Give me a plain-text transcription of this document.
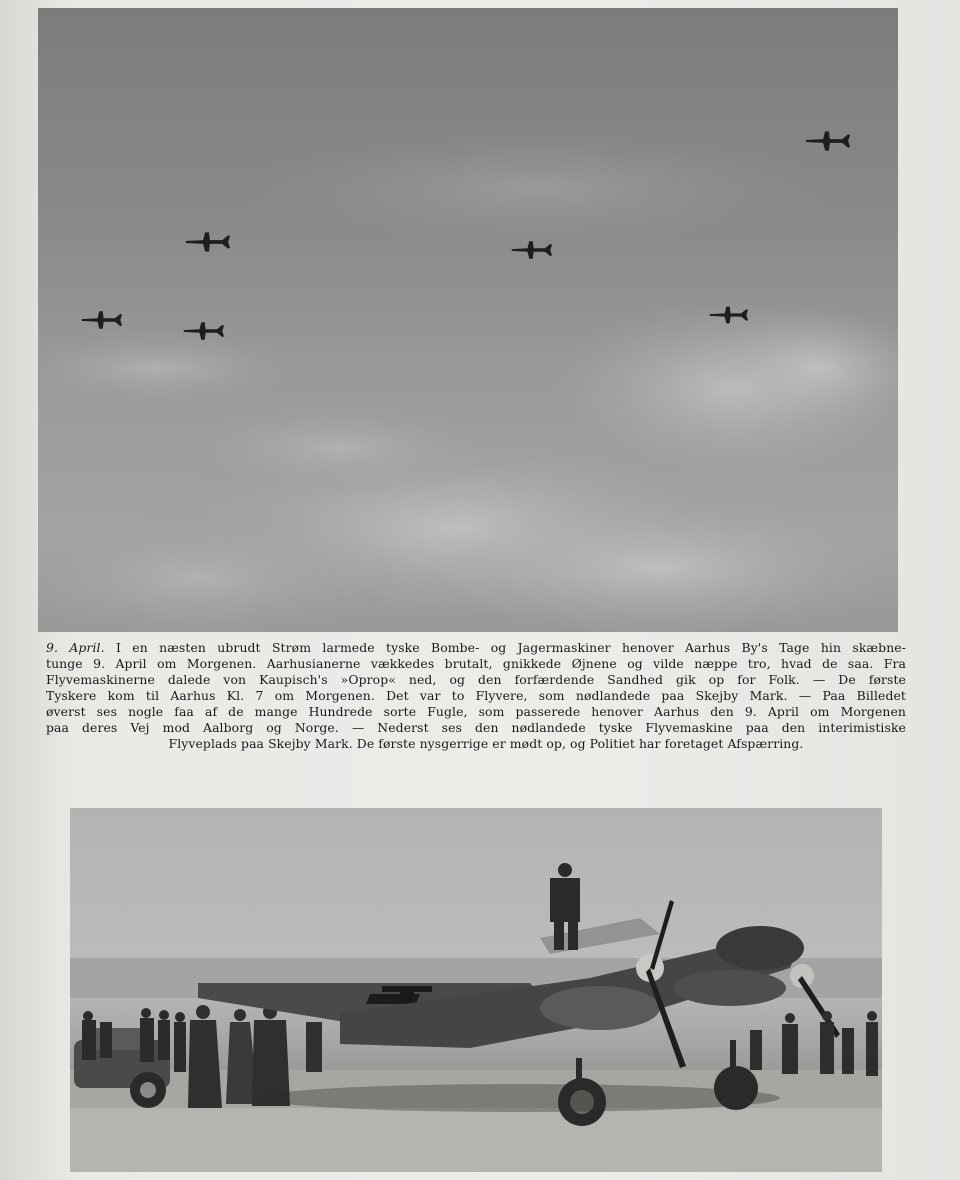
9. April. I en næsten ubrudt Strøm larmede tyske Bombe- og Jagermaskiner henover Aarhus By's Tage hin skæbne-
tunge 9. April om Morgenen. Aarhusianerne vækkedes brutalt, gnikkede Øjnene og vilde næppe tro, hvad de saa. Fra
Flyvemaskinerne dalede von Kaupisch's »Oprop« ned, og den forfærdende Sandhed gik op for Folk. — De første
Tyskere kom til Aarhus Kl. 7 om Morgenen. Det var to Flyvere, som nødlandede paa Skejby Mark. — Paa Billedet
øverst ses nogle faa af de mange Hundrede sorte Fugle, som passerede henover Aarhus den 9. April om Morgenen
paa deres Vej mod Aalborg og Norge. — Nederst ses den nødlandede tyske Flyvemaskine paa den interimistiske
Flyveplads paa Skejby Mark. De første nysgerrige er mødt op, og Politiet har foretaget Afspærring.
